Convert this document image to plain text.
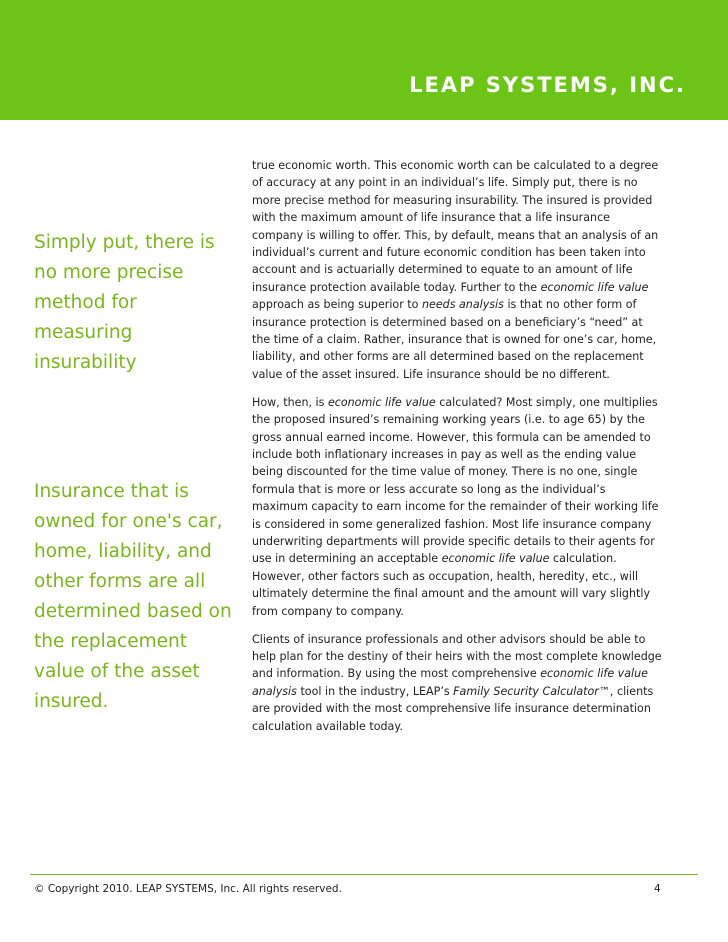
LEAP SYSTEMS, INC.
Simply put, there is no more precise method for measuring insurability
Insurance that is owned for one's car, home, liability, and other forms are all determined based on the replacement value of the asset insured.

true economic worth. This economic worth can be calculated to a degree of accuracy at any point in an individual’s life. Simply put, there is no more precise method for measuring insurability. The insured is provided with the maximum amount of life insurance that a life insurance company is willing to offer. This, by default, means that an analysis of an individual’s current and future economic condition has been taken into account and is actuarially determined to equate to an amount of life insurance protection available today. Further to the economic life value approach as being superior to needs analysis is that no other form of insurance protection is determined based on a beneficiary’s “need” at the time of a claim. Rather, insurance that is owned for one’s car, home, liability, and other forms are all determined based on the replacement value of the asset insured. Life insurance should be no different.

How, then, is economic life value calculated? Most simply, one multiplies the proposed insured’s remaining working years (i.e. to age 65) by the gross annual earned income. However, this formula can be amended to include both inflationary increases in pay as well as the ending value being discounted for the time value of money. There is no one, single formula that is more or less accurate so long as the individual’s maximum capacity to earn income for the remainder of their working life is considered in some generalized fashion. Most life insurance company underwriting departments will provide specific details to their agents for use in determining an acceptable economic life value calculation. However, other factors such as occupation, health, heredity, etc., will ultimately determine the final amount and the amount will vary slightly from company to company.

Clients of insurance professionals and other advisors should be able to help plan for the destiny of their heirs with the most complete knowledge and information. By using the most comprehensive economic life value analysis tool in the industry, LEAP’s Family Security Calculator™, clients are provided with the most comprehensive life insurance determination calculation available today.

© Copyright 2010. LEAP SYSTEMS, Inc. All rights reserved.	4
